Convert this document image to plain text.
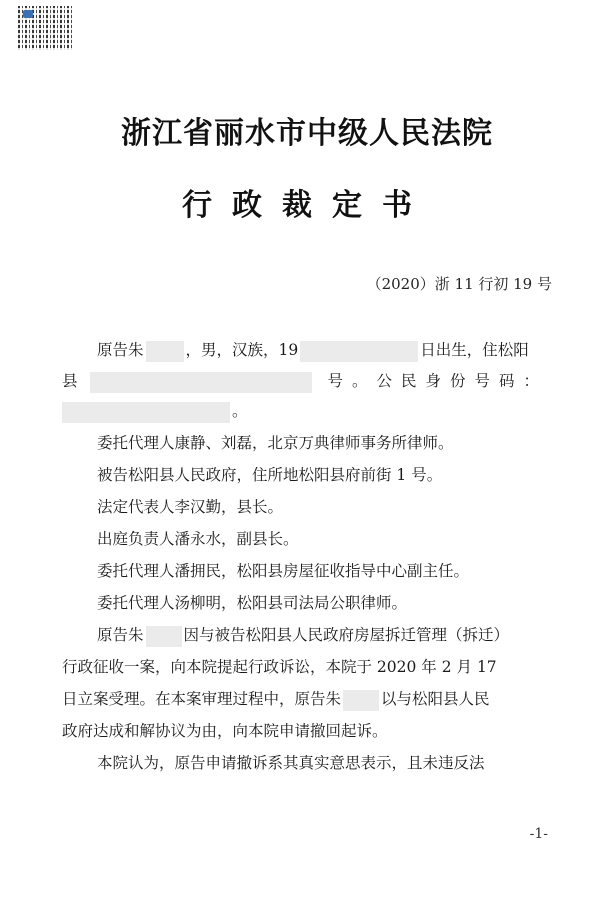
浙江省丽水市中级人民法院
行政裁定书
（2020）浙 11 行初 19 号
原告朱	，男，汉族，19	日出生，住松阳
县	号。公民身份号码：
。
委托代理人康静、刘磊，北京万典律师事务所律师。
被告松阳县人民政府，住所地松阳县府前街 1 号。
法定代表人李汉勤，县长。
出庭负责人潘永水，副县长。
委托代理人潘拥民，松阳县房屋征收指导中心副主任。
委托代理人汤柳明，松阳县司法局公职律师。
原告朱	因与被告松阳县人民政府房屋拆迁管理（拆迁）
行政征收一案，向本院提起行政诉讼，本院于 2020 年 2 月 17
日立案受理。在本案审理过程中，原告朱	以与松阳县人民
政府达成和解协议为由，向本院申请撤回起诉。
本院认为，原告申请撤诉系其真实意思表示，且未违反法
-1-
